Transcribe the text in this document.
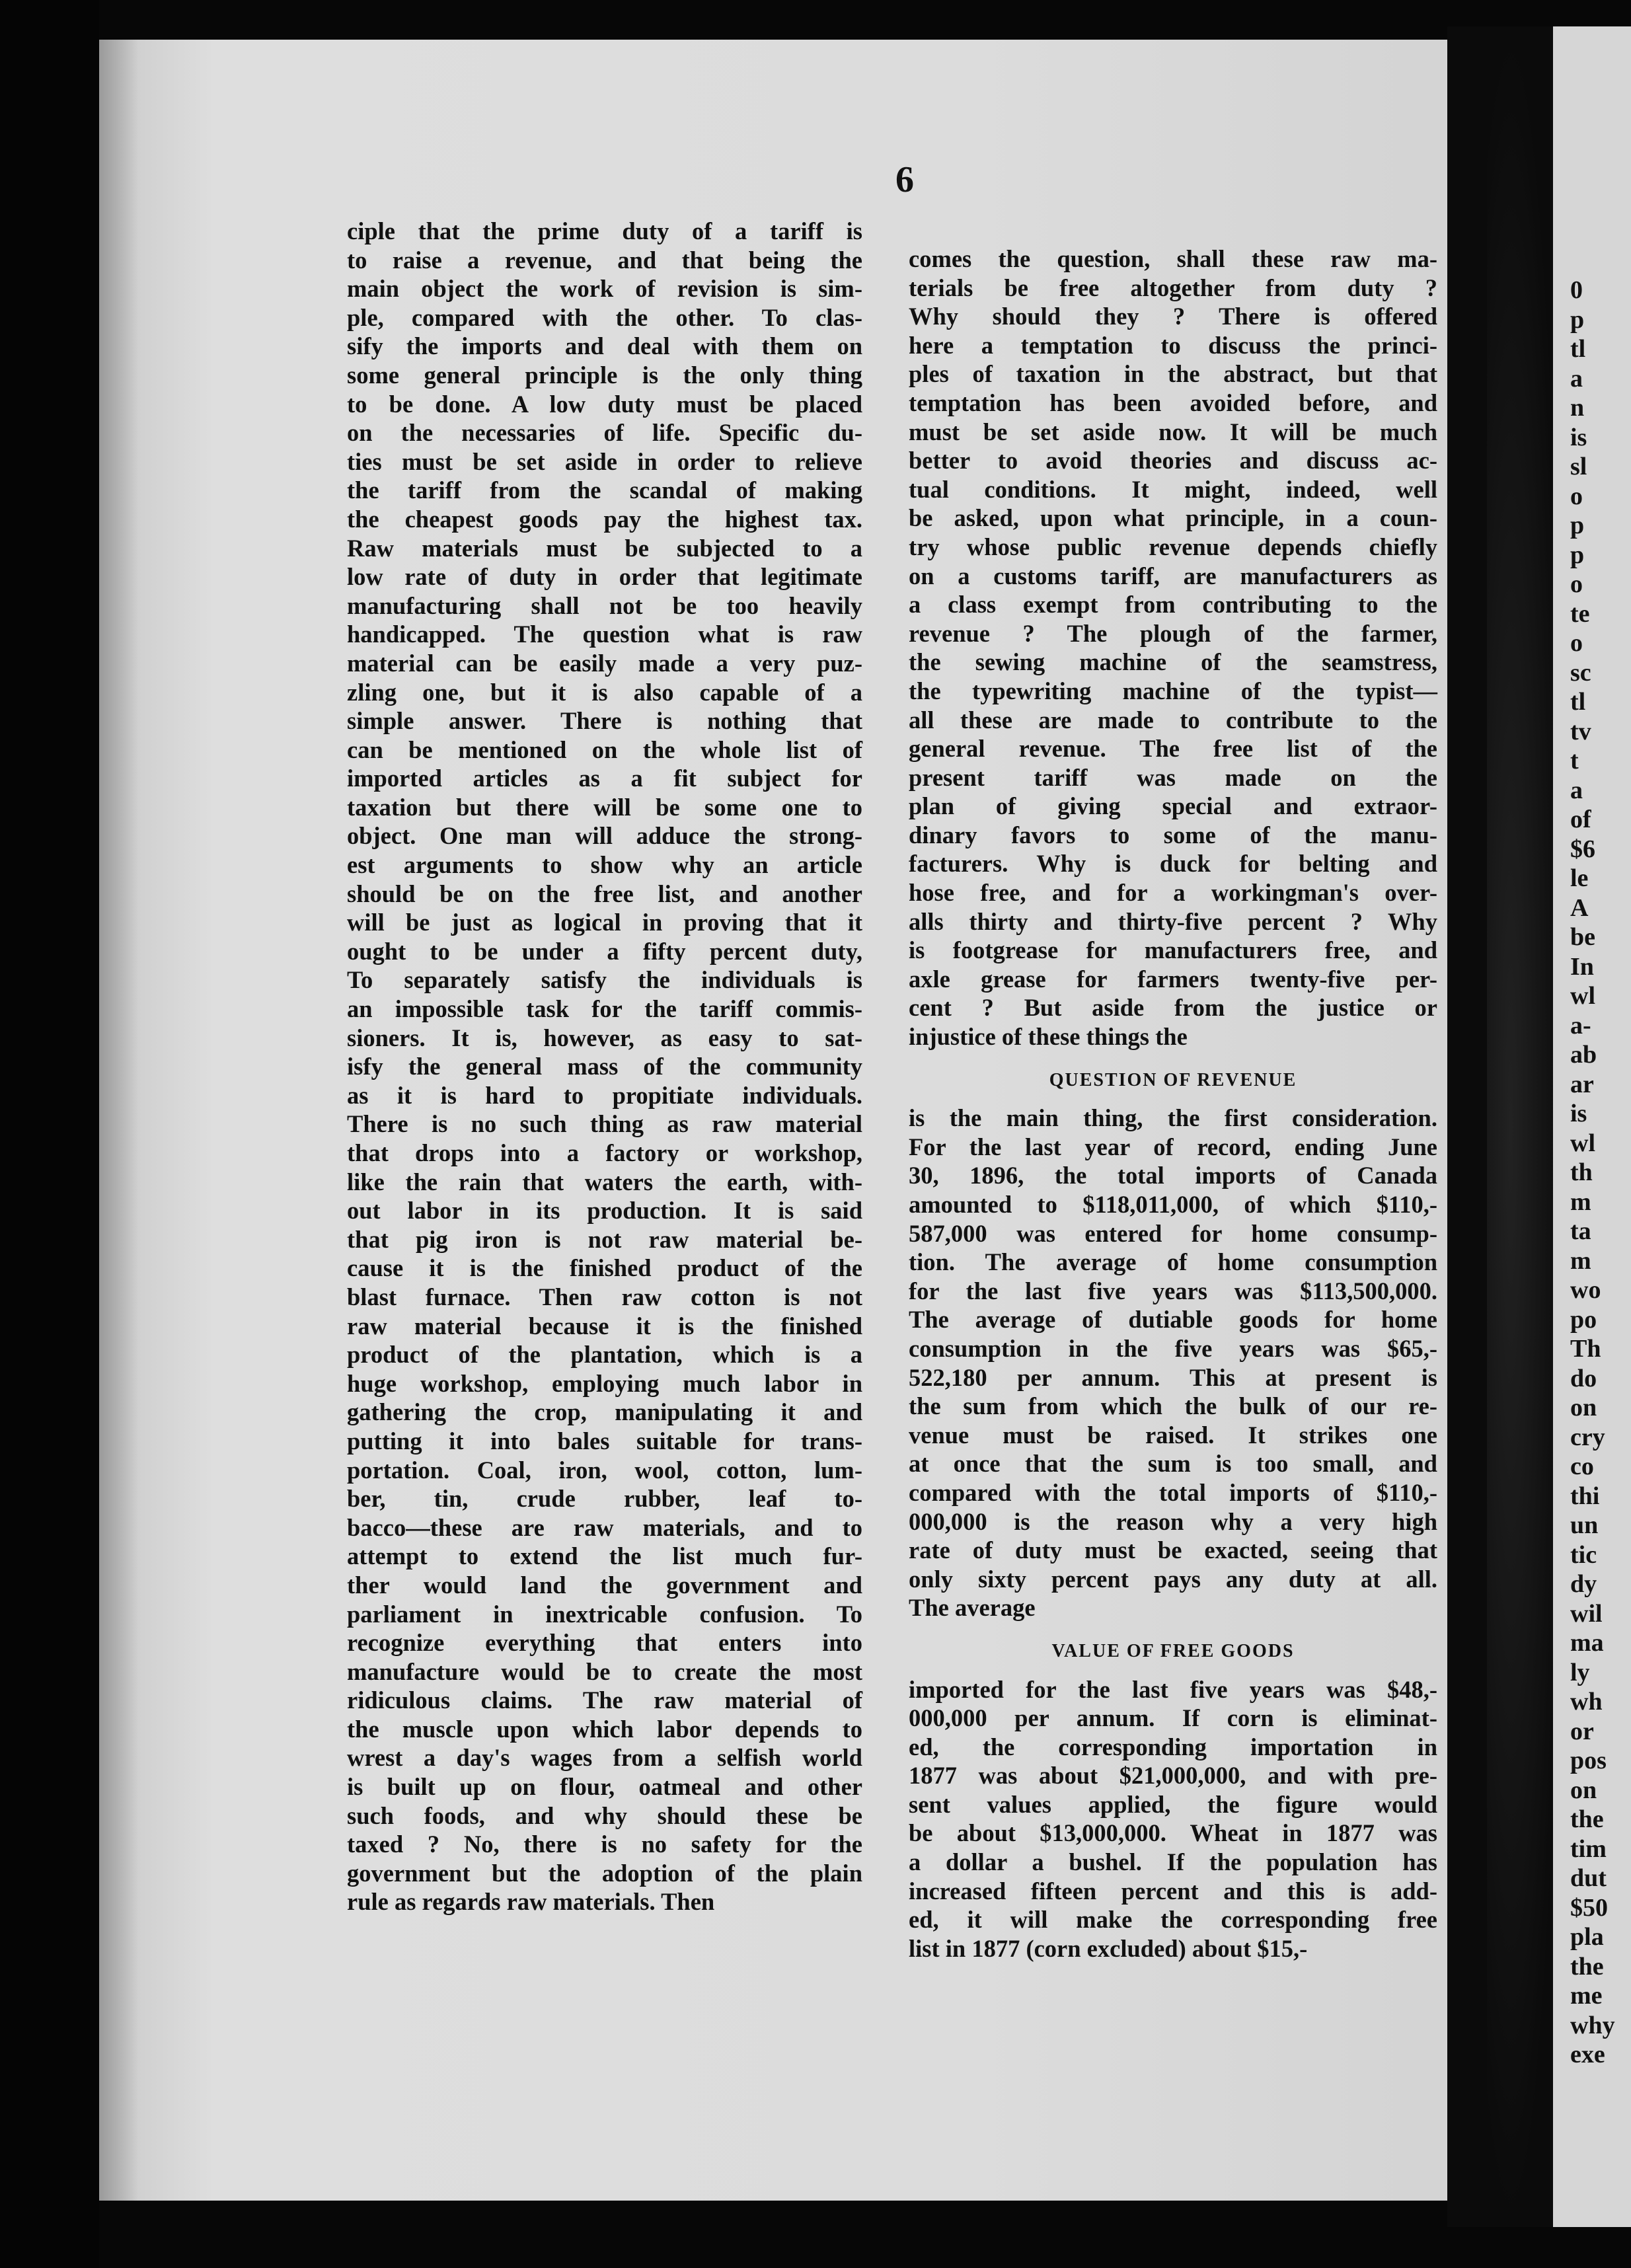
6
ciple that the prime duty of a tariff is
to raise a revenue, and that being the
main object the work of revision is sim-
ple, compared with the other. To clas-
sify the imports and deal with them on
some general principle is the only thing
to be done. A low duty must be placed
on the necessaries of life. Specific du-
ties must be set aside in order to relieve
the tariff from the scandal of making
the cheapest goods pay the highest tax.
Raw materials must be subjected to a
low rate of duty in order that legitimate
manufacturing shall not be too heavily
handicapped. The question what is raw
material can be easily made a very puz-
zling one, but it is also capable of a
simple answer. There is nothing that
can be mentioned on the whole list of
imported articles as a fit subject for
taxation but there will be some one to
object. One man will adduce the strong-
est arguments to show why an article
should be on the free list, and another
will be just as logical in proving that it
ought to be under a fifty percent duty,
To separately satisfy the individuals is
an impossible task for the tariff commis-
sioners. It is, however, as easy to sat-
isfy the general mass of the community
as it is hard to propitiate individuals.
There is no such thing as raw material
that drops into a factory or workshop,
like the rain that waters the earth, with-
out labor in its production. It is said
that pig iron is not raw material be-
cause it is the finished product of the
blast furnace. Then raw cotton is not
raw material because it is the finished
product of the plantation, which is a
huge workshop, employing much labor in
gathering the crop, manipulating it and
putting it into bales suitable for trans-
portation. Coal, iron, wool, cotton, lum-
ber, tin, crude rubber, leaf to-
bacco—these are raw materials, and to
attempt to extend the list much fur-
ther would land the government and
parliament in inextricable confusion. To
recognize everything that enters into
manufacture would be to create the most
ridiculous claims. The raw material of
the muscle upon which labor depends to
wrest a day's wages from a selfish world
is built up on flour, oatmeal and other
such foods, and why should these be
taxed ? No, there is no safety for the
government but the adoption of the plain
rule as regards raw materials. Then
comes the question, shall these raw ma-
terials be free altogether from duty ?
Why should they ? There is offered
here a temptation to discuss the princi-
ples of taxation in the abstract, but that
temptation has been avoided before, and
must be set aside now. It will be much
better to avoid theories and discuss ac-
tual conditions. It might, indeed, well
be asked, upon what principle, in a coun-
try whose public revenue depends chiefly
on a customs tariff, are manufacturers as
a class exempt from contributing to the
revenue ? The plough of the farmer,
the sewing machine of the seamstress,
the typewriting machine of the typist—
all these are made to contribute to the
general revenue. The free list of the
present tariff was made on the
plan of giving special and extraor-
dinary favors to some of the manu-
facturers. Why is duck for belting and
hose free, and for a workingman's over-
alls thirty and thirty-five percent ? Why
is footgrease for manufacturers free, and
axle grease for farmers twenty-five per-
cent ? But aside from the justice or
injustice of these things the
QUESTION OF REVENUE
is the main thing, the first consideration.
For the last year of record, ending June
30, 1896, the total imports of Canada
amounted to $118,011,000, of which $110,-
587,000 was entered for home consump-
tion. The average of home consumption
for the last five years was $113,500,000.
The average of dutiable goods for home
consumption in the five years was $65,-
522,180 per annum. This at present is
the sum from which the bulk of our re-
venue must be raised. It strikes one
at once that the sum is too small, and
compared with the total imports of $110,-
000,000 is the reason why a very high
rate of duty must be exacted, seeing that
only sixty percent pays any duty at all.
The average
VALUE OF FREE GOODS
imported for the last five years was $48,-
000,000 per annum. If corn is eliminat-
ed, the corresponding importation in
1877 was about $21,000,000, and with pre-
sent values applied, the figure would
be about $13,000,000. Wheat in 1877 was
a dollar a bushel. If the population has
increased fifteen percent and this is add-
ed, it will make the corresponding free
list in 1877 (corn excluded) about $15,-
0
p
tl
a
n
is
sl
o
p
p
o
te
o
sc
tl
tv
t
a
of
$6
le
A
be
In
wl
a-
ab
ar
is
wl
th
m
ta
m
wo
po
Th
do
on
cry
co
thi
un
tic
dy
wil
ma
ly
wh
or
pos
on
the
tim
dut
$50
pla
the
me
why
exe
